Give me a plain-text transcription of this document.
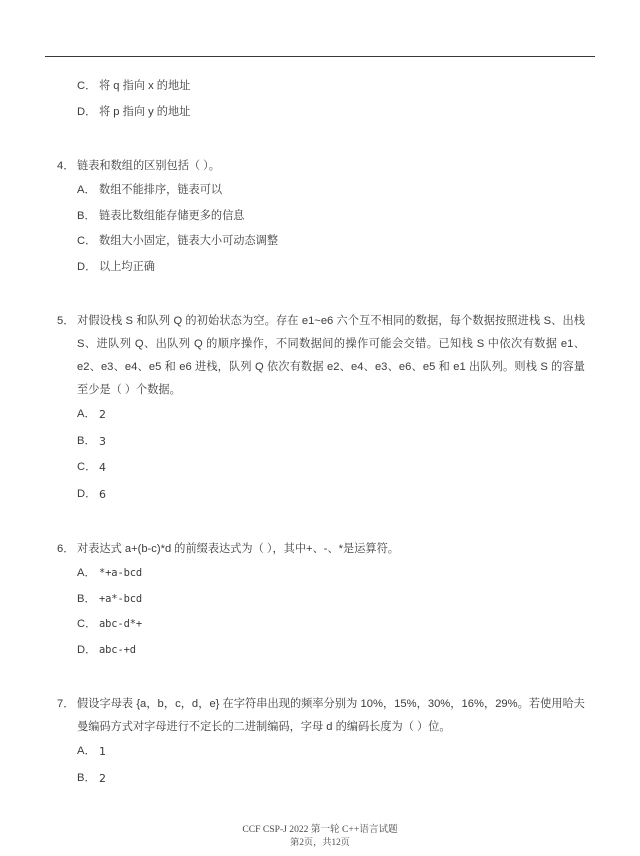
C． 将 q 指向 x 的地址
D． 将 p 指向 y 的地址
4． 链表和数组的区别包括（ ）。
A． 数组不能排序，链表可以
B． 链表比数组能存储更多的信息
C． 数组大小固定，链表大小可动态调整
D． 以上均正确
5． 对假设栈 S 和队列 Q 的初始状态为空。存在 e1~e6 六个互不相同的数据，每个数据按照进栈 S、出栈 S、进队列 Q、出队列 Q 的顺序操作，不同数据间的操作可能会交错。已知栈 S 中依次有数据 e1、e2、e3、e4、e5 和 e6 进栈，队列 Q 依次有数据 e2、e4、e3、e6、e5 和 e1 出队列。则栈 S 的容量至少是（ ）个数据。
A． 2
B． 3
C． 4
D． 6
6． 对表达式 a+(b-c)*d 的前缀表达式为（ ），其中+、-、*是运算符。
A． *+a-bcd
B． +a*-bcd
C． abc-d*+
D． abc-+d
7． 假设字母表 {a，b，c，d，e} 在字符串出现的频率分别为 10%，15%，30%，16%，29%。若使用哈夫曼编码方式对字母进行不定长的二进制编码，字母 d 的编码长度为（ ）位。
A． 1
B． 2
CCF CSP-J 2022 第一轮 C++语言试题
第2页，共12页
